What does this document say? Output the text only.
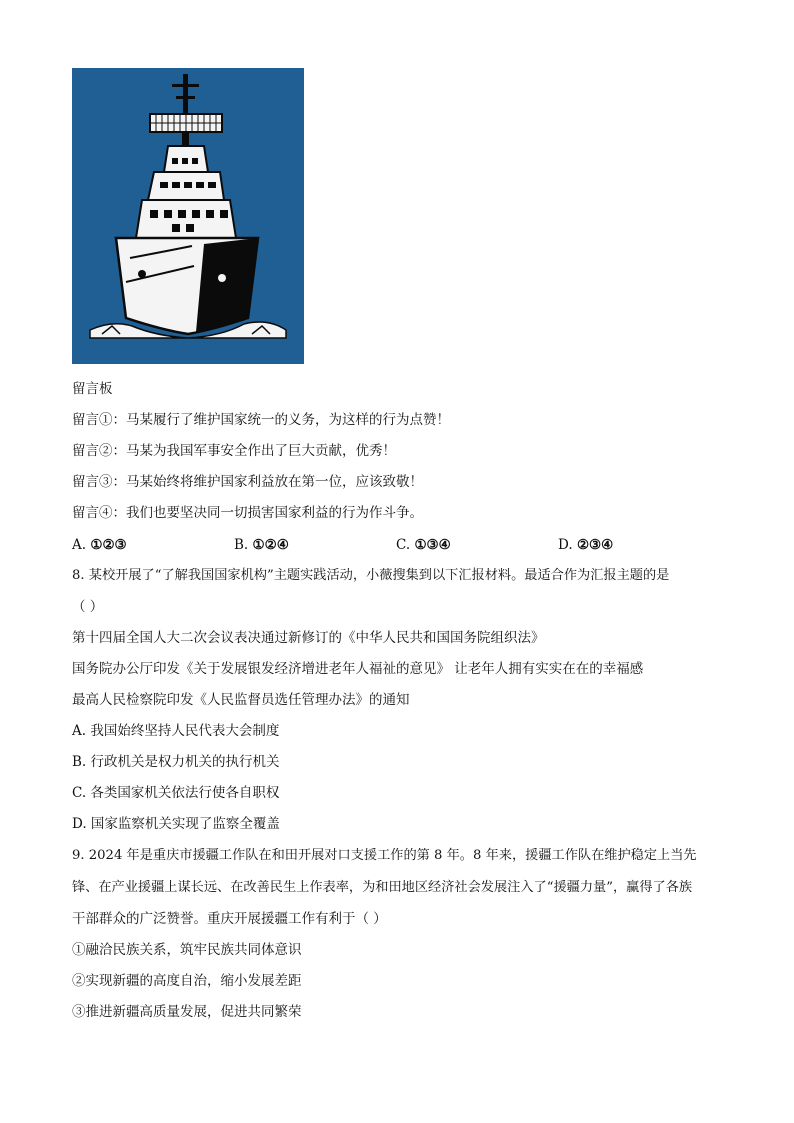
留言板
留言①：马某履行了维护国家统一的义务，为这样的行为点赞！
留言②：马某为我国军事安全作出了巨大贡献，优秀！
留言③：马某始终将维护国家利益放在第一位，应该致敬！
留言④：我们也要坚决同一切损害国家利益的行为作斗争。
A. ①②③	B. ①②④	C. ①③④	D. ②③④
8. 某校开展了“了解我国国家机构”主题实践活动，小薇搜集到以下汇报材料。最适合作为汇报主题的是
（ ）
第十四届全国人大二次会议表决通过新修订的《中华人民共和国国务院组织法》
国务院办公厅印发《关于发展银发经济增进老年人福祉的意见》 让老年人拥有实实在在的幸福感
最高人民检察院印发《人民监督员选任管理办法》的通知
A. 我国始终坚持人民代表大会制度
B. 行政机关是权力机关的执行机关
C. 各类国家机关依法行使各自职权
D. 国家监察机关实现了监察全覆盖
9. 2024 年是重庆市援疆工作队在和田开展对口支援工作的第 8 年。8 年来，援疆工作队在维护稳定上当先
锋、在产业援疆上谋长远、在改善民生上作表率，为和田地区经济社会发展注入了“援疆力量”，赢得了各族
干部群众的广泛赞誉。重庆开展援疆工作有利于（ ）
①融洽民族关系，筑牢民族共同体意识
②实现新疆的高度自治，缩小发展差距
③推进新疆高质量发展，促进共同繁荣
